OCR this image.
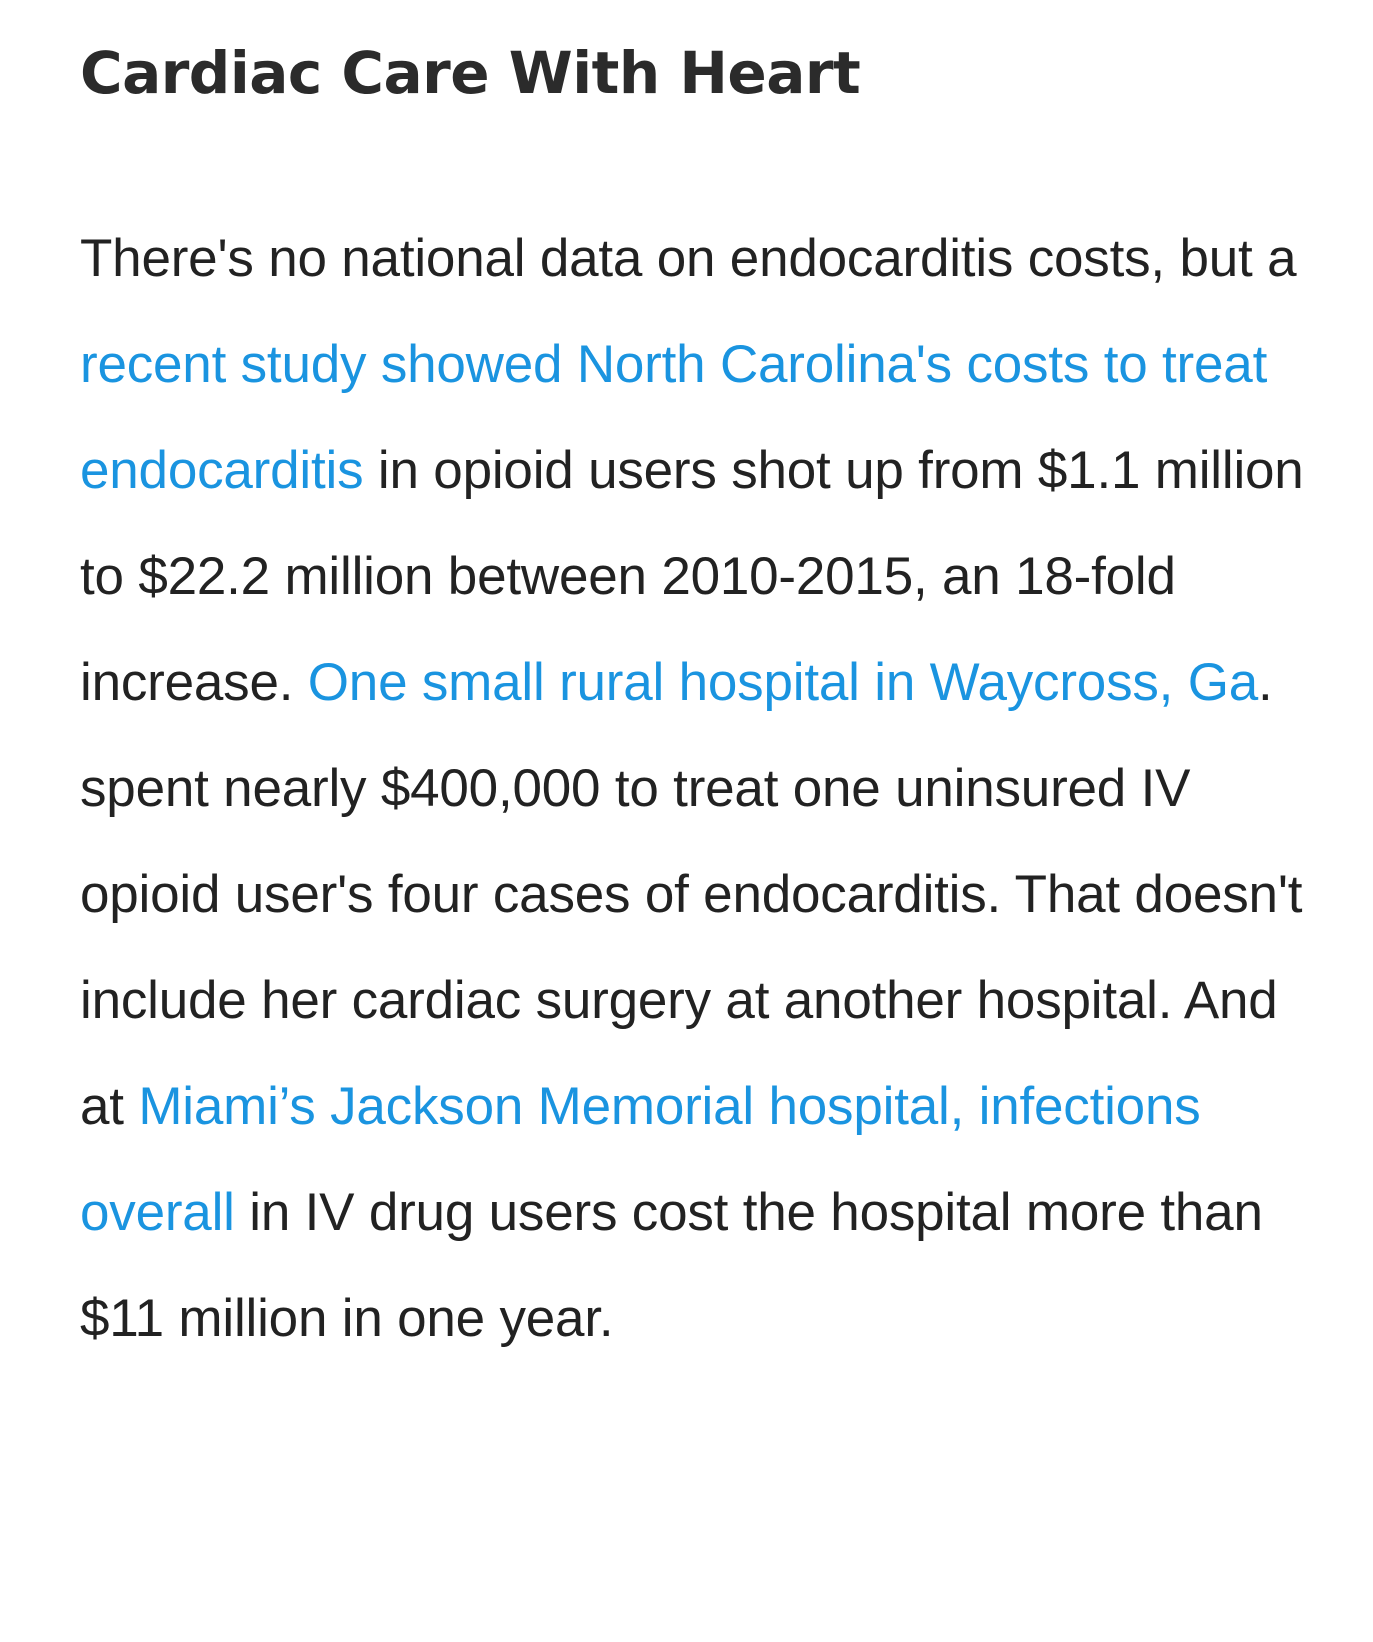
Cardiac Care With Heart

There's no national data on endocarditis costs, but a recent study showed North Carolina's costs to treat endocarditis in opioid users shot up from $1.1 million to $22.2 million between 2010-2015, an 18-fold increase. One small rural hospital in Waycross, Ga. spent nearly $400,000 to treat one uninsured IV opioid user's four cases of endocarditis. That doesn't include her cardiac surgery at another hospital. And at Miami’s Jackson Memorial hospital, infections overall in IV drug users cost the hospital more than $11 million in one year.
